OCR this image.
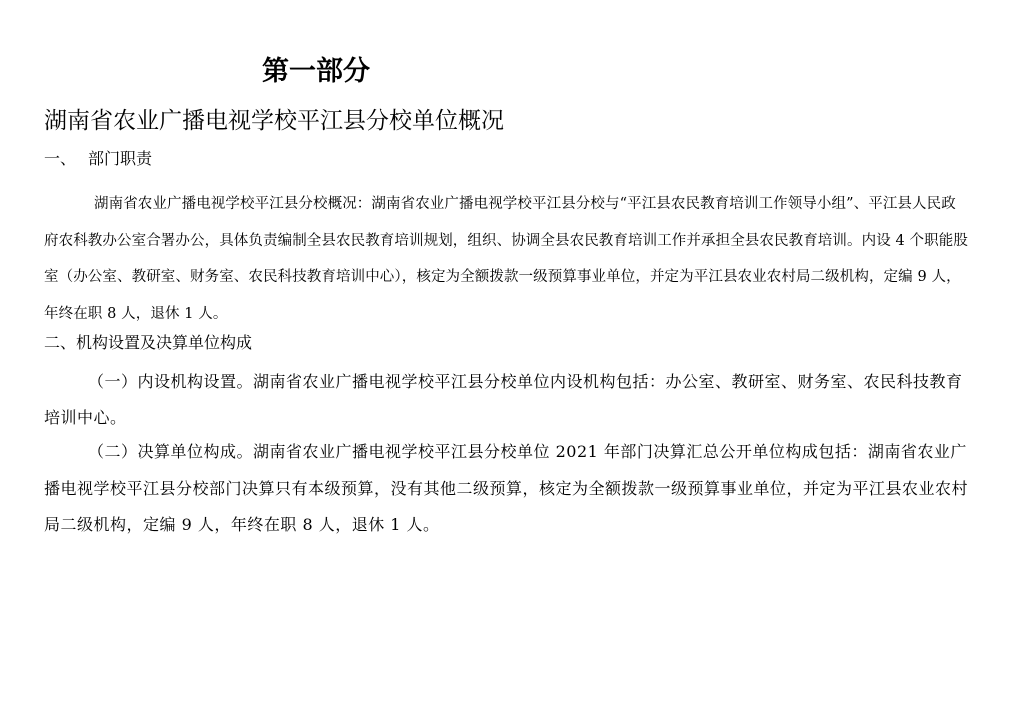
第一部分
湖南省农业广播电视学校平江县分校单位概况
一、 部门职责

湖南省农业广播电视学校平江县分校概况：湖南省农业广播电视学校平江县分校与“平江县农民教育培训工作领导小组”、平江县人民政府农科教办公室合署办公，具体负责编制全县农民教育培训规划，组织、协调全县农民教育培训工作并承担全县农民教育培训。内设 4 个职能股室（办公室、教研室、财务室、农民科技教育培训中心），核定为全额拨款一级预算事业单位，并定为平江县农业农村局二级机构，定编 9 人，年终在职 8 人，退休 1 人。

二、机构设置及决算单位构成

（一）内设机构设置。湖南省农业广播电视学校平江县分校单位内设机构包括：办公室、教研室、财务室、农民科技教育培训中心。

（二）决算单位构成。湖南省农业广播电视学校平江县分校单位 2021 年部门决算汇总公开单位构成包括：湖南省农业广播电视学校平江县分校部门决算只有本级预算，没有其他二级预算，核定为全额拨款一级预算事业单位，并定为平江县农业农村局二级机构，定编 9 人，年终在职 8 人，退休 1 人。
